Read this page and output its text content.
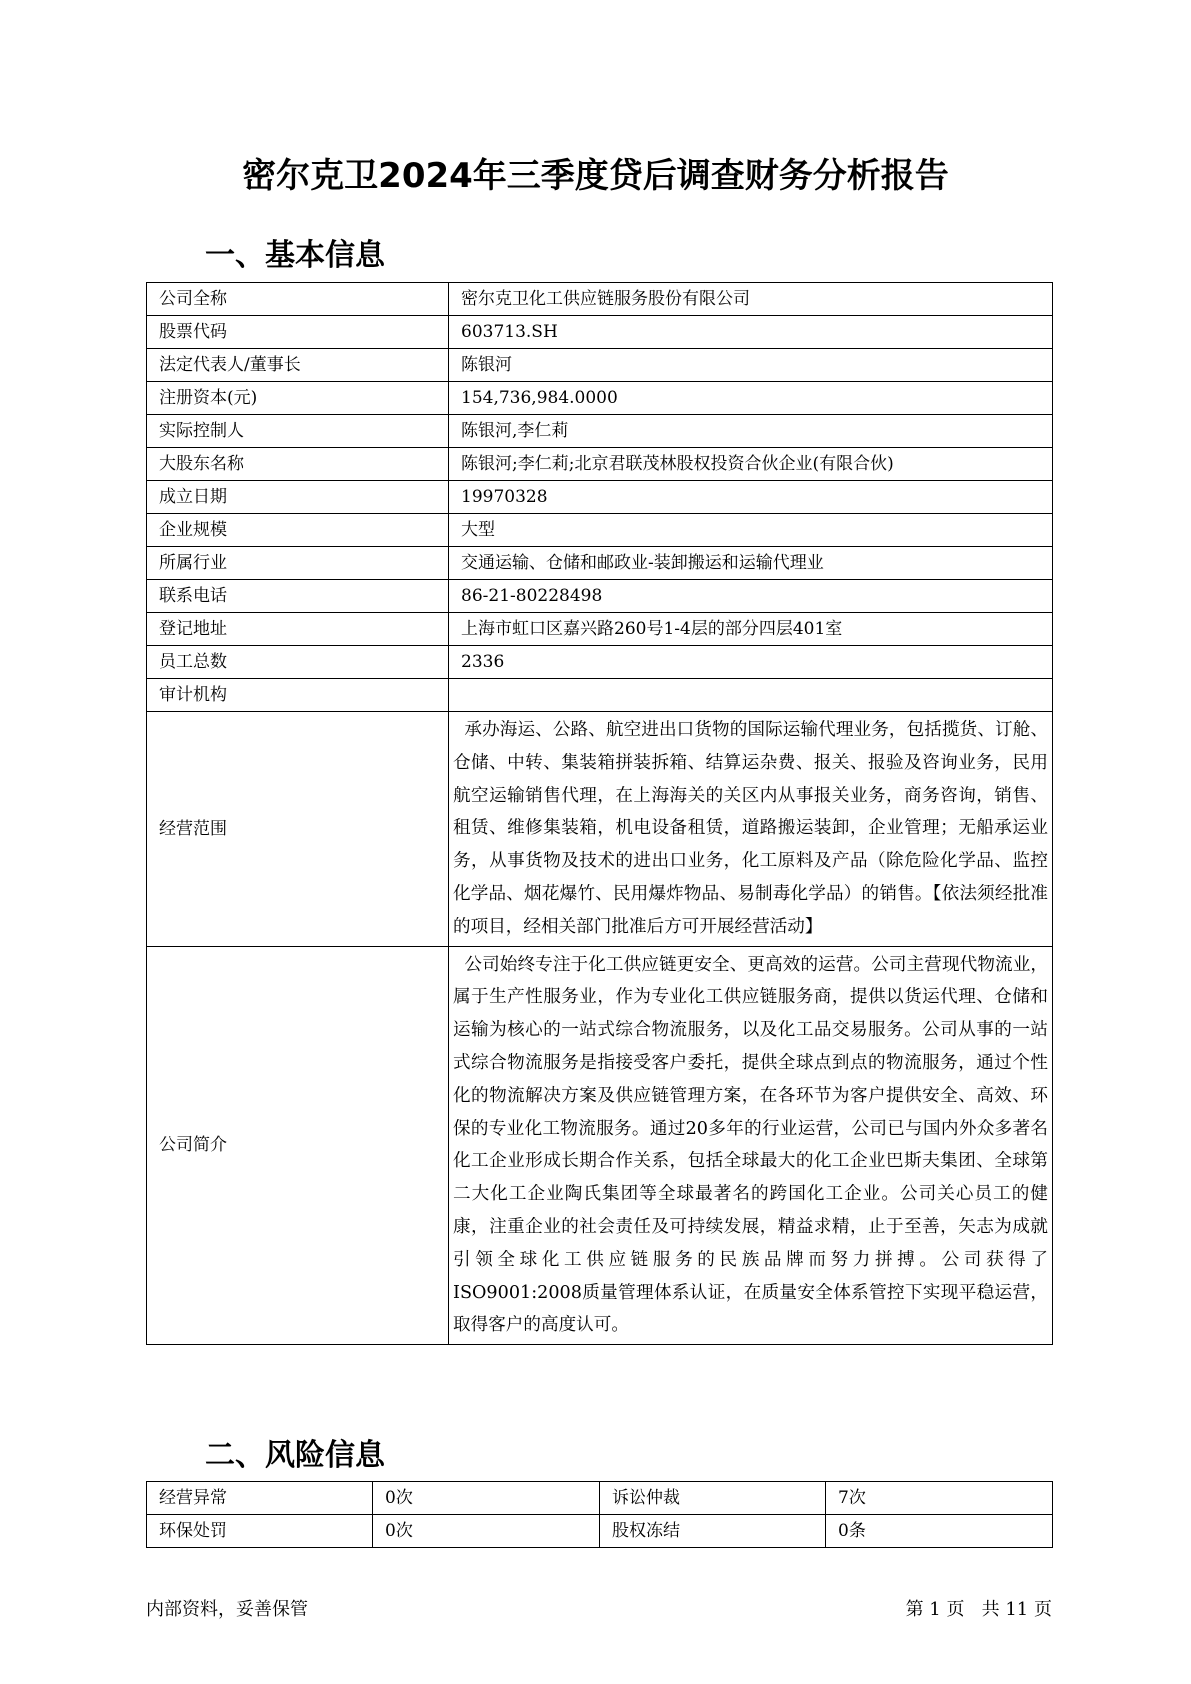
密尔克卫2024年三季度贷后调查财务分析报告
一、基本信息
公司全称	密尔克卫化工供应链服务股份有限公司
股票代码	603713.SH
法定代表人/董事长	陈银河
注册资本(元)	154,736,984.0000
实际控制人	陈银河,李仁莉
大股东名称	陈银河;李仁莉;北京君联茂林股权投资合伙企业(有限合伙)
成立日期	19970328
企业规模	大型
所属行业	交通运输、仓储和邮政业-装卸搬运和运输代理业
联系电话	86-21-80228498
登记地址	上海市虹口区嘉兴路260号1-4层的部分四层401室
员工总数	2336
审计机构	
经营范围	承办海运、公路、航空进出口货物的国际运输代理业务，包括揽货、订舱、仓储、中转、集装箱拼装拆箱、结算运杂费、报关、报验及咨询业务，民用航空运输销售代理，在上海海关的关区内从事报关业务，商务咨询，销售、租赁、维修集装箱，机电设备租赁，道路搬运装卸，企业管理；无船承运业务，从事货物及技术的进出口业务，化工原料及产品（除危险化学品、监控化学品、烟花爆竹、民用爆炸物品、易制毒化学品）的销售。【依法须经批准的项目，经相关部门批准后方可开展经营活动】
公司简介	公司始终专注于化工供应链更安全、更高效的运营。公司主营现代物流业，属于生产性服务业，作为专业化工供应链服务商，提供以货运代理、仓储和运输为核心的一站式综合物流服务，以及化工品交易服务。公司从事的一站式综合物流服务是指接受客户委托，提供全球点到点的物流服务，通过个性化的物流解决方案及供应链管理方案，在各环节为客户提供安全、高效、环保的专业化工物流服务。通过20多年的行业运营，公司已与国内外众多著名化工企业形成长期合作关系，包括全球最大的化工企业巴斯夫集团、全球第二大化工企业陶氏集团等全球最著名的跨国化工企业。公司关心员工的健康，注重企业的社会责任及可持续发展，精益求精，止于至善，矢志为成就引领全球化工供应链服务的民族品牌而努力拼搏。公司获得了ISO9001:2008质量管理体系认证，在质量安全体系管控下实现平稳运营，取得客户的高度认可。
二、风险信息
经营异常	0次	诉讼仲裁	7次
环保处罚	0次	股权冻结	0条
内部资料，妥善保管	第 1 页   共 11 页
